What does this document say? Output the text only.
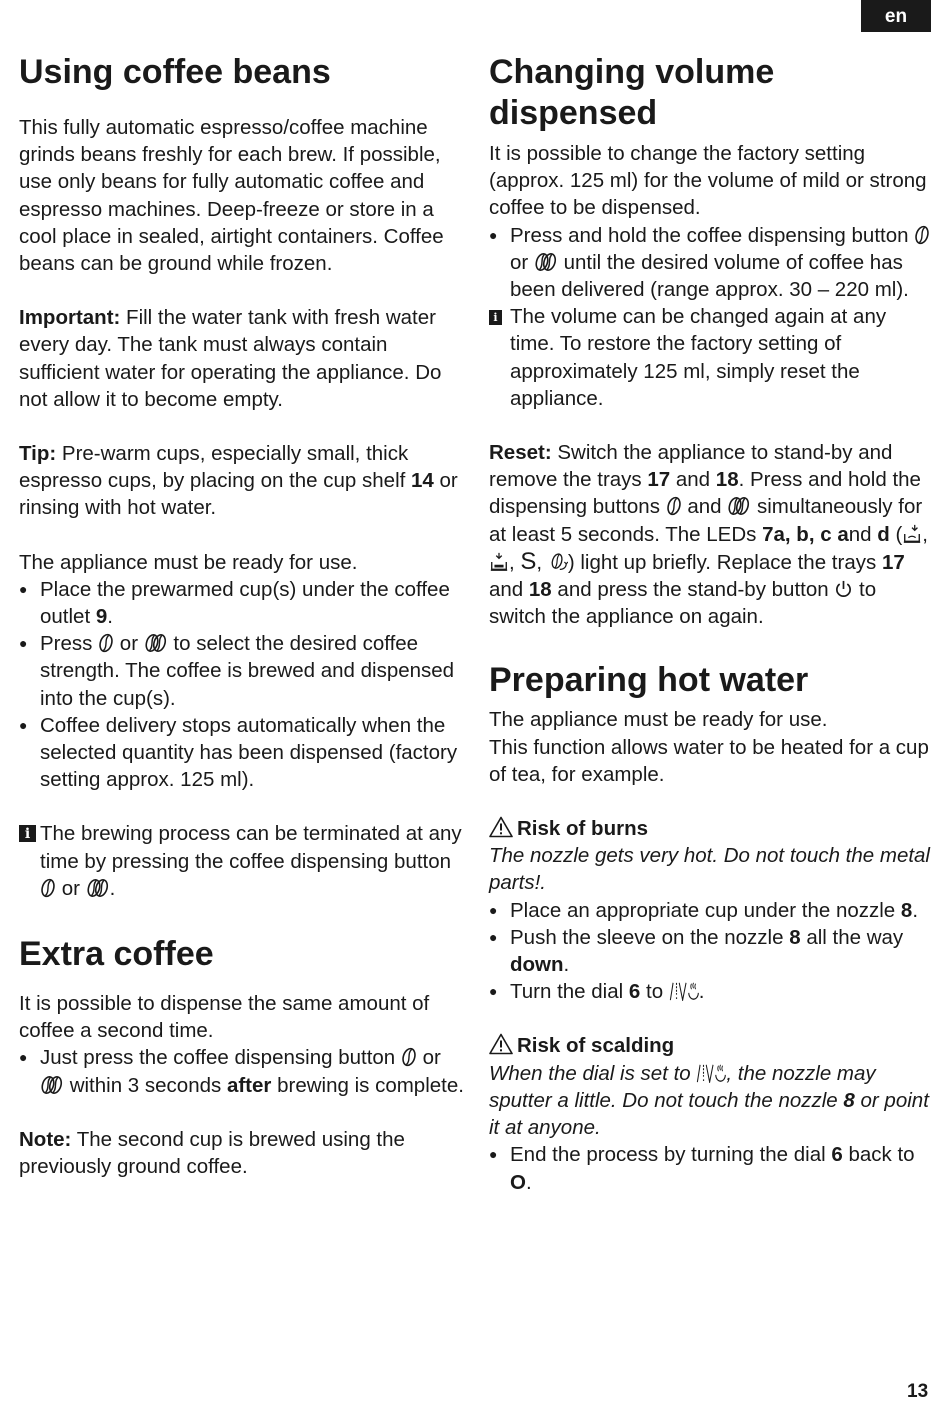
en
Using coffee beans

This fully automatic espresso/coffee machine grinds beans freshly for each brew. If possible, use only beans for fully automatic coffee and espresso machines. Deep-freeze or store in a cool place in sealed, airtight containers. Coffee beans can be ground while frozen.

Important: Fill the water tank with fresh water every day. The tank must always contain sufficient water for operating the appliance. Do not allow it to become empty.

Tip: Pre-warm cups, especially small, thick espresso cups, by placing on the cup shelf 14 or rinsing with hot water.

The appliance must be ready for use.

● Place the prewarmed cup(s) under the coffee outlet 9.
● Press  or  to select the desired coffee strength. The coffee is brewed and dispensed into the cup(s).
● Coffee delivery stops automatically when the selected quantity has been dispensed (factory setting approx. 125 ml).

i The brewing process can be terminated at any time by pressing the coffee dispensing button  or .

Extra coffee

It is possible to dispense the same amount of coffee a second time.

● Just press the coffee dispensing button  or  within 3 seconds after brewing is complete.

Note: The second cup is brewed using the previously ground coffee.

Changing volume dispensed

It is possible to change the factory setting (approx. 125 ml) for the volume of mild or strong coffee to be dispensed.

● Press and hold the coffee dispensing button  or  until the desired volume of coffee has been delivered (range approx. 30 – 220 ml).

i The volume can be changed again at any time. To restore the factory setting of approximately 125 ml, simply reset the appliance.

Reset: Switch the appliance to stand-by and remove the trays 17 and 18. Press and hold the dispensing buttons  and  simultaneously for at least 5 seconds. The LEDs 7a, b, c and d ( , , S, ) light up briefly. Replace the trays 17 and 18 and press the stand-by button  to switch the appliance on again.

Preparing hot water

The appliance must be ready for use.

This function allows water to be heated for a cup of tea, for example.

Risk of burns

The nozzle gets very hot. Do not touch the metal parts!.

● Place an appropriate cup under the nozzle 8.
● Push the sleeve on the nozzle 8 all the way down.
● Turn the dial 6 to .

Risk of scalding

When the dial is set to , the nozzle may sputter a little. Do not touch the nozzle 8 or point it at anyone.

● End the process by turning the dial 6 back to O.
13
